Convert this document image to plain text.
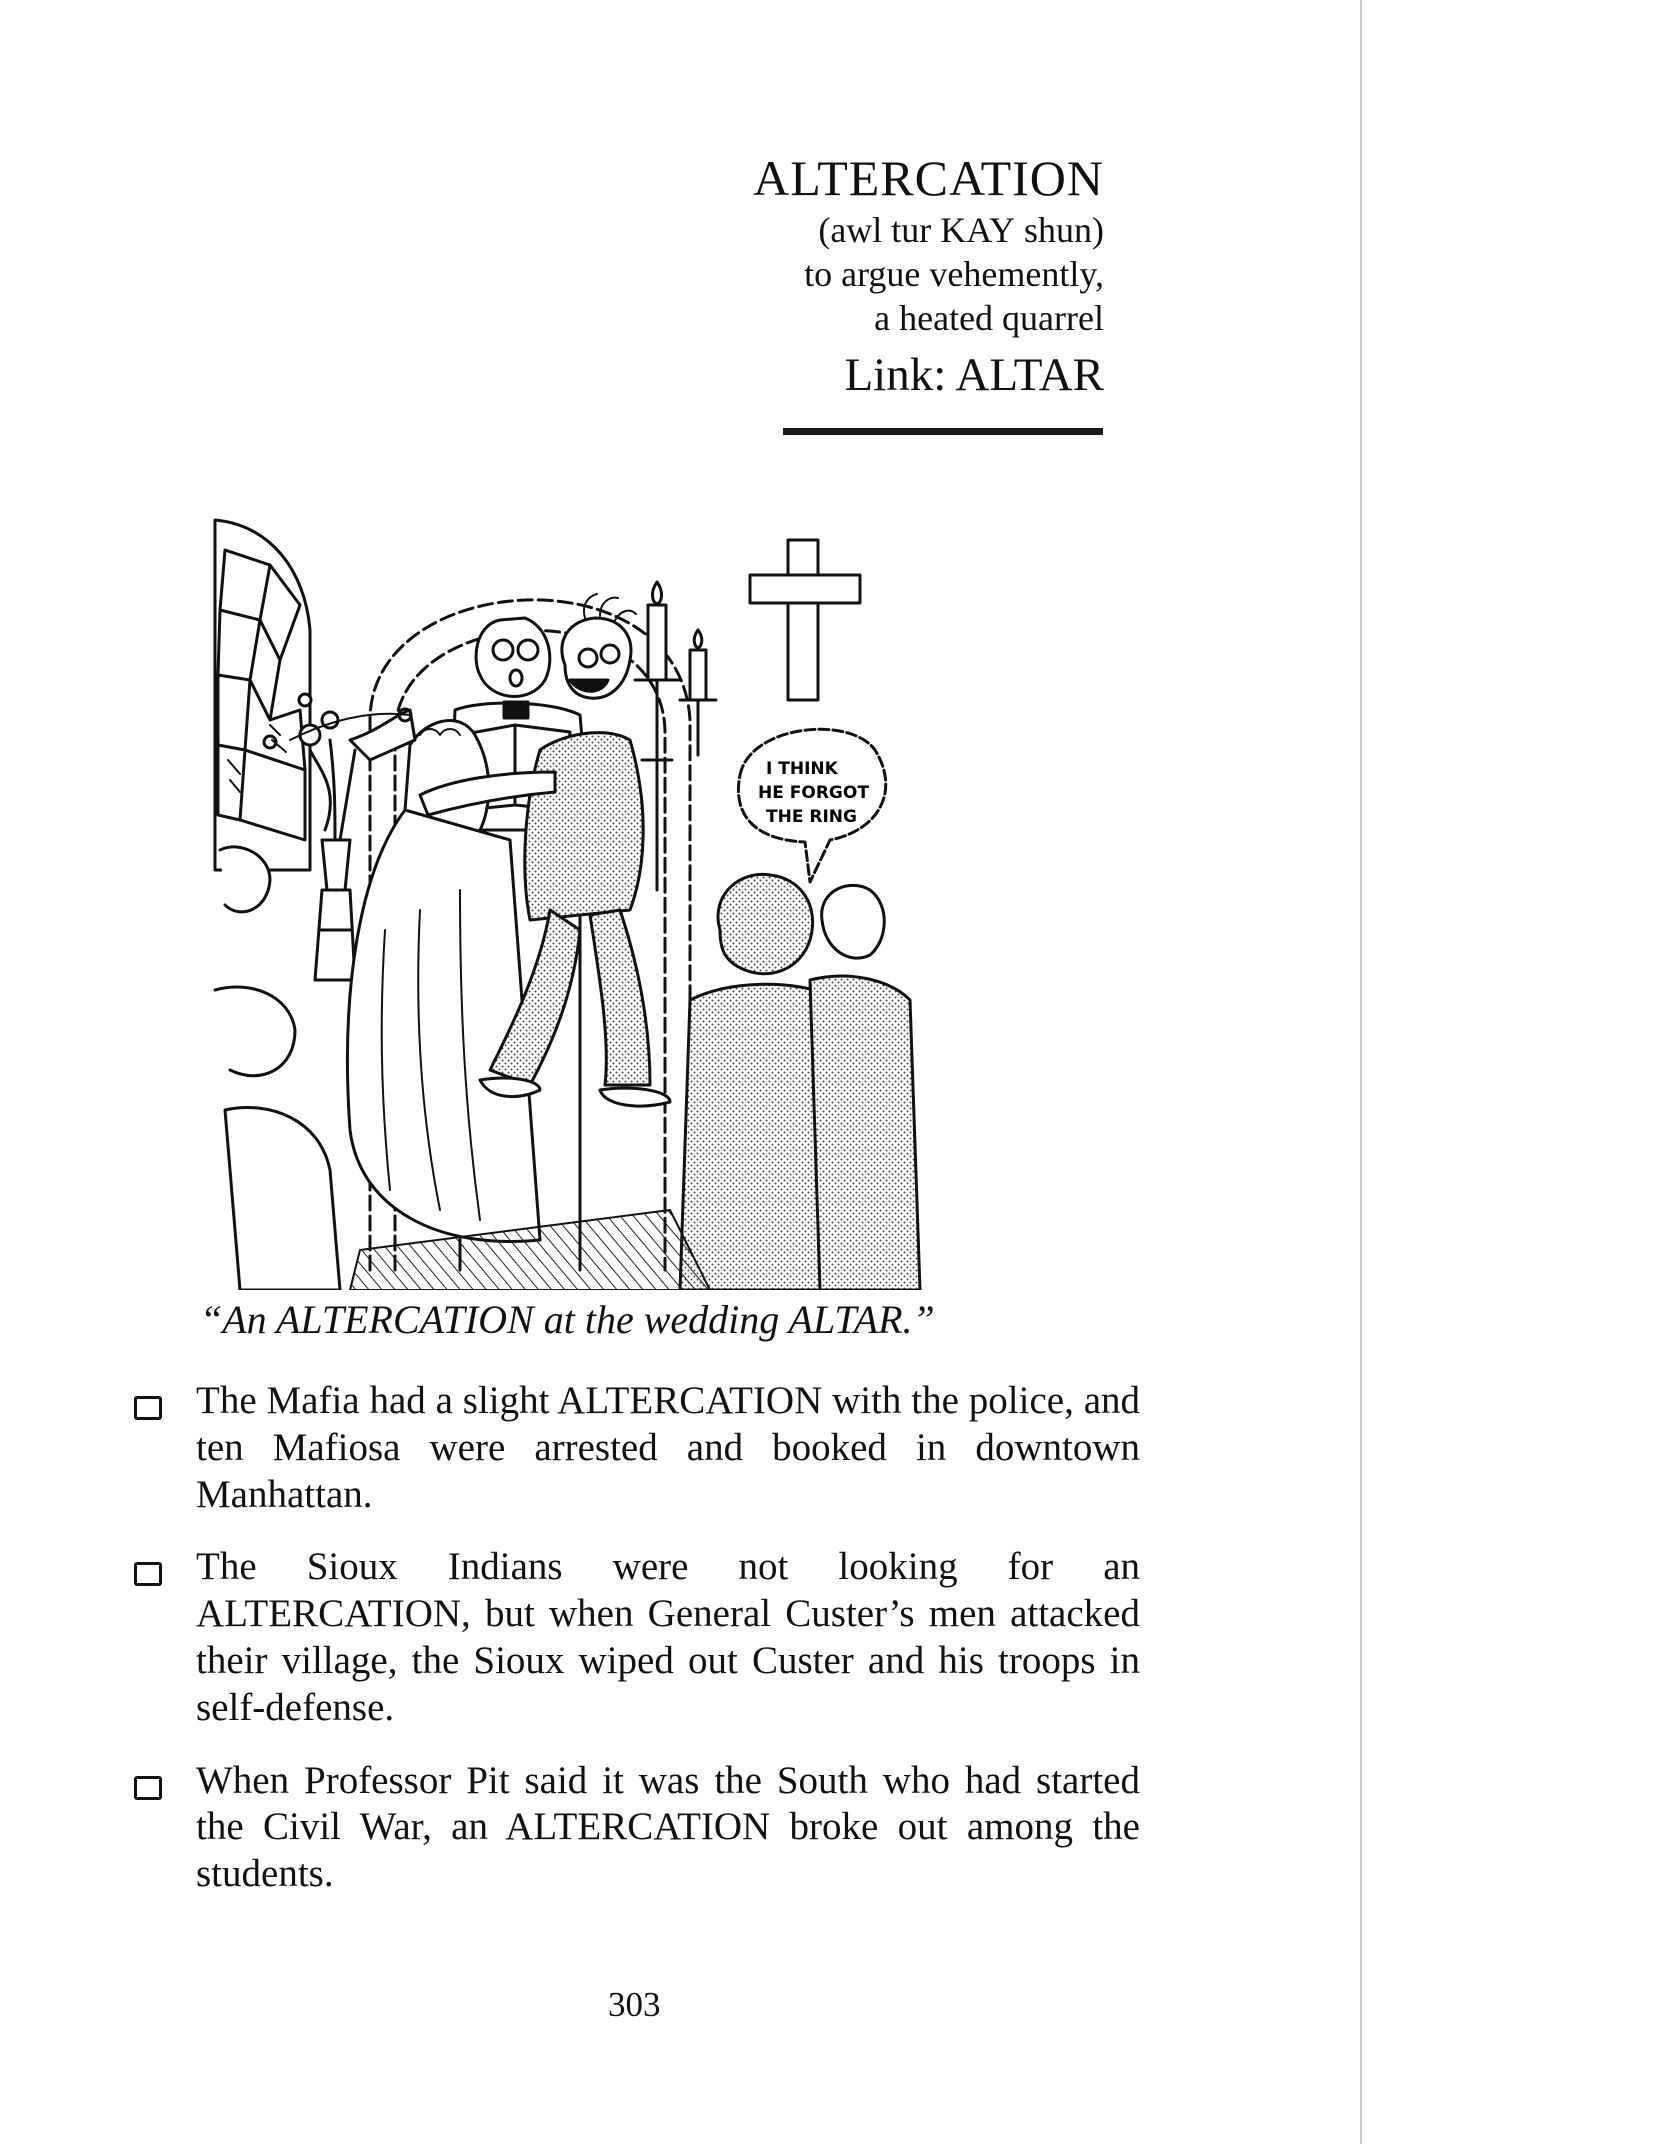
ALTERCATION
(awl tur KAY shun)
to argue vehemently,
a heated quarrel
Link: ALTAR
I THINK
HE FORGOT
THE RING
“An ALTERCATION at the wedding ALTAR.”
The Mafia had a slight ALTERCATION with the police, and ten Mafiosa were arrested and booked in downtown Manhattan.
The Sioux Indians were not looking for an ALTERCATION, but when General Custer’s men attacked their village, the Sioux wiped out Custer and his troops in self-defense.
When Professor Pit said it was the South who had started the Civil War, an ALTERCATION broke out among the students.
303
